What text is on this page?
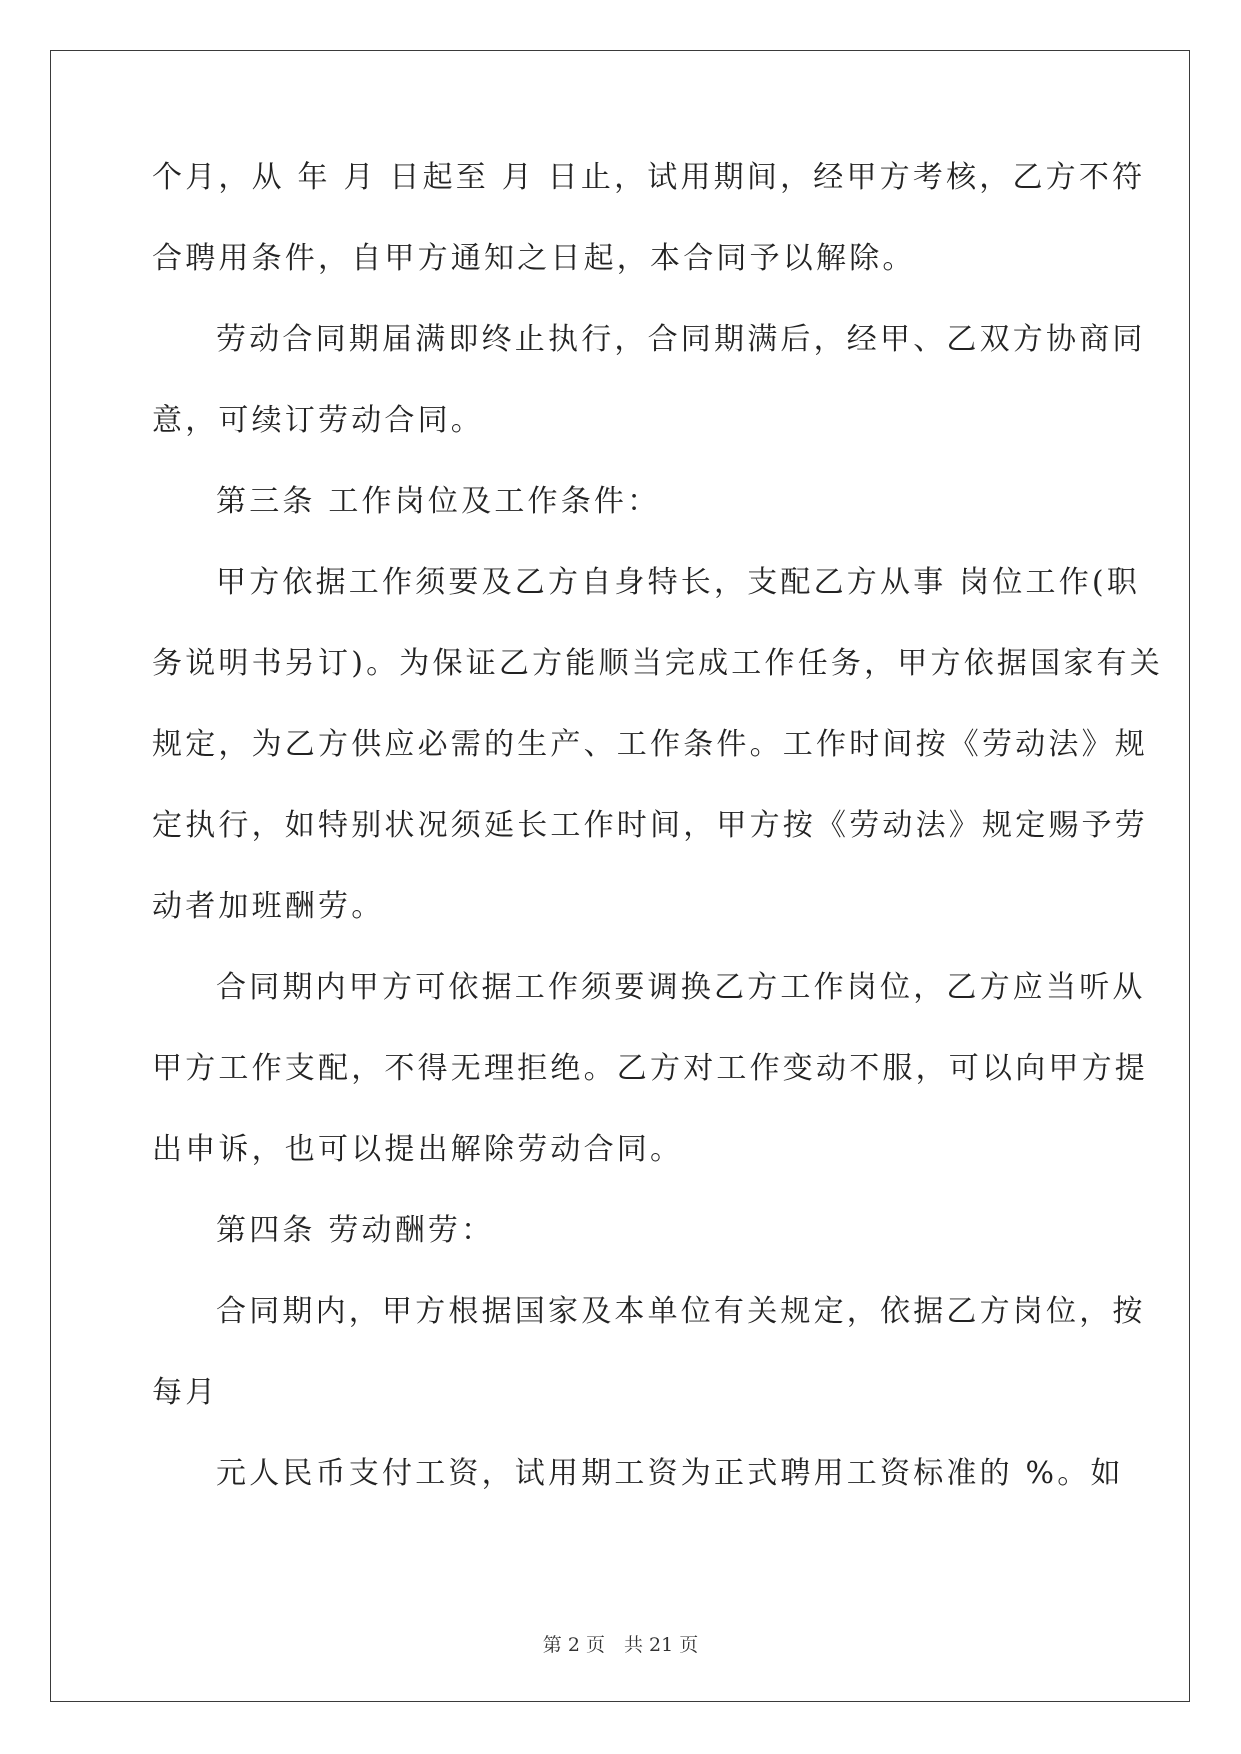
个月，从 年 月 日起至 月 日止，试用期间，经甲方考核，乙方不符
合聘用条件，自甲方通知之日起，本合同予以解除。
劳动合同期届满即终止执行，合同期满后，经甲、乙双方协商同
意，可续订劳动合同。
第三条 工作岗位及工作条件：
甲方依据工作须要及乙方自身特长，支配乙方从事 岗位工作(职
务说明书另订)。为保证乙方能顺当完成工作任务，甲方依据国家有关
规定，为乙方供应必需的生产、工作条件。工作时间按《劳动法》规
定执行，如特别状况须延长工作时间，甲方按《劳动法》规定赐予劳
动者加班酬劳。
合同期内甲方可依据工作须要调换乙方工作岗位，乙方应当听从
甲方工作支配，不得无理拒绝。乙方对工作变动不服，可以向甲方提
出申诉，也可以提出解除劳动合同。
第四条 劳动酬劳：
合同期内，甲方根据国家及本单位有关规定，依据乙方岗位，按
每月
元人民币支付工资，试用期工资为正式聘用工资标准的 %。如
第 2 页　共 21 页
